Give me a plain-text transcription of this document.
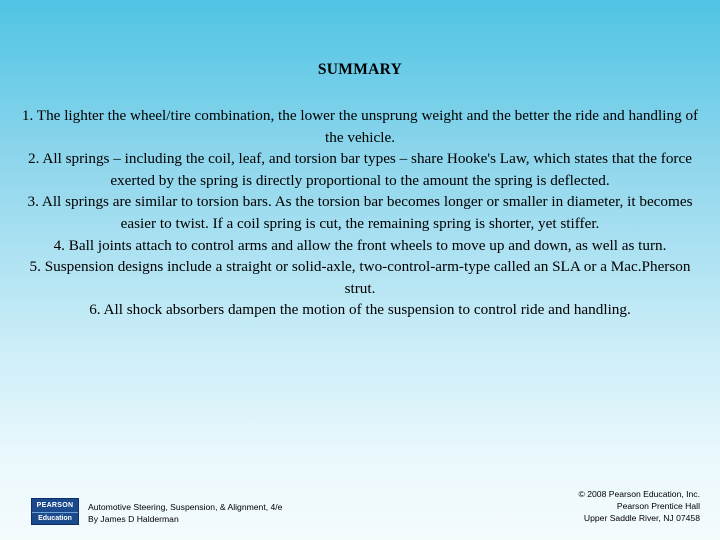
SUMMARY
1. The lighter the wheel/tire combination, the lower the unsprung weight and the better the ride and handling of the vehicle.
2. All springs – including the coil, leaf, and torsion bar types – share Hooke's Law, which states that the force exerted by the spring is directly proportional to the amount the spring is deflected.
3. All springs are similar to torsion bars. As the torsion bar becomes longer or smaller in diameter, it becomes easier to twist. If a coil spring is cut, the remaining spring is shorter, yet stiffer.
4. Ball joints attach to control arms and allow the front wheels to move up and down, as well as turn.
5. Suspension designs include a straight or solid-axle, two-control-arm-type called an SLA or a Mac.Pherson strut.
6. All shock absorbers dampen the motion of the suspension to control ride and handling.
PEARSON
Education
Automotive Steering, Suspension, & Alignment, 4/e
By James D Halderman
© 2008 Pearson Education, Inc.
Pearson Prentice Hall
Upper Saddle River, NJ 07458
